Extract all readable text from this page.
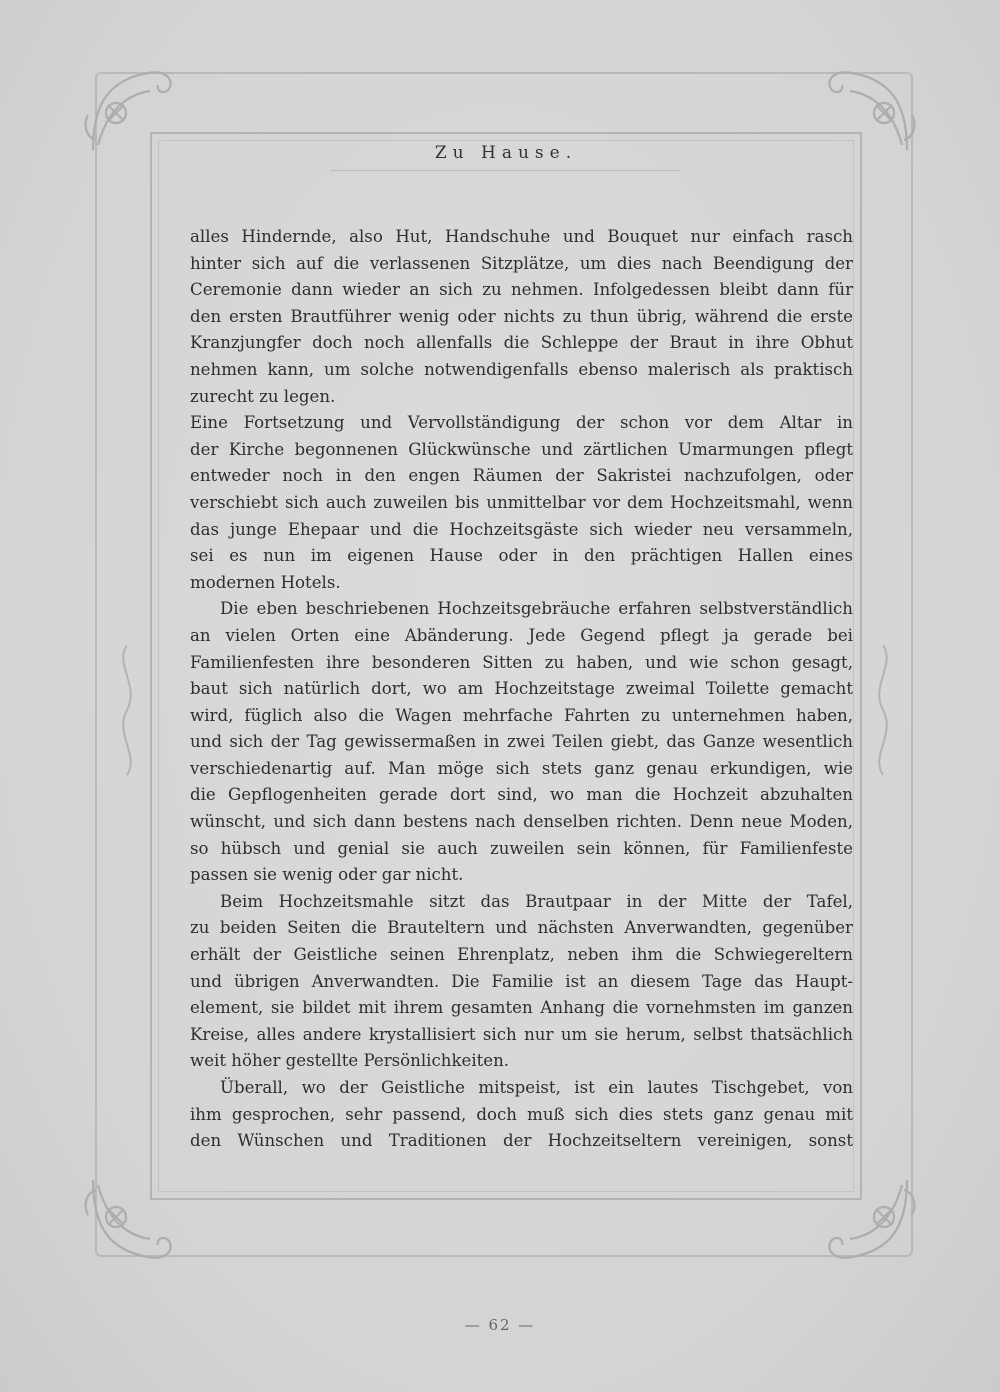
Zu Hause.

alles Hindernde, also Hut, Handschuhe und Bouquet nur einfach rasch

hinter sich auf die verlassenen Sitzplätze, um dies nach Beendigung der

Ceremonie dann wieder an sich zu nehmen. Infolgedessen bleibt dann für

den ersten Brautführer wenig oder nichts zu thun übrig, während die erste

Kranzjungfer doch noch allenfalls die Schleppe der Braut in ihre Obhut

nehmen kann, um solche notwendigenfalls ebenso malerisch als praktisch

zurecht zu legen.

Eine Fortsetzung und Vervollständigung der schon vor dem Altar in

der Kirche begonnenen Glückwünsche und zärtlichen Umarmungen pflegt

entweder noch in den engen Räumen der Sakristei nachzufolgen, oder

verschiebt sich auch zuweilen bis unmittelbar vor dem Hochzeitsmahl, wenn

das junge Ehepaar und die Hochzeitsgäste sich wieder neu versammeln,

sei es nun im eigenen Hause oder in den prächtigen Hallen eines

modernen Hotels.

Die eben beschriebenen Hochzeitsgebräuche erfahren selbstverständlich

an vielen Orten eine Abänderung. Jede Gegend pflegt ja gerade bei

Familienfesten ihre besonderen Sitten zu haben, und wie schon gesagt,

baut sich natürlich dort, wo am Hochzeitstage zweimal Toilette gemacht

wird, füglich also die Wagen mehrfache Fahrten zu unternehmen haben,

und sich der Tag gewissermaßen in zwei Teilen giebt, das Ganze wesentlich

verschiedenartig auf. Man möge sich stets ganz genau erkundigen, wie

die Gepflogenheiten gerade dort sind, wo man die Hochzeit abzuhalten

wünscht, und sich dann bestens nach denselben richten. Denn neue Moden,

so hübsch und genial sie auch zuweilen sein können, für Familienfeste

passen sie wenig oder gar nicht.

Beim Hochzeitsmahle sitzt das Brautpaar in der Mitte der Tafel,

zu beiden Seiten die Brauteltern und nächsten Anverwandten, gegenüber

erhält der Geistliche seinen Ehrenplatz, neben ihm die Schwiegereltern

und übrigen Anverwandten. Die Familie ist an diesem Tage das Haupt-

element, sie bildet mit ihrem gesamten Anhang die vornehmsten im ganzen

Kreise, alles andere krystallisiert sich nur um sie herum, selbst thatsächlich

weit höher gestellte Persönlichkeiten.

Überall, wo der Geistliche mitspeist, ist ein lautes Tischgebet, von

ihm gesprochen, sehr passend, doch muß sich dies stets ganz genau mit

den Wünschen und Traditionen der Hochzeitseltern vereinigen, sonst

— 62 —
